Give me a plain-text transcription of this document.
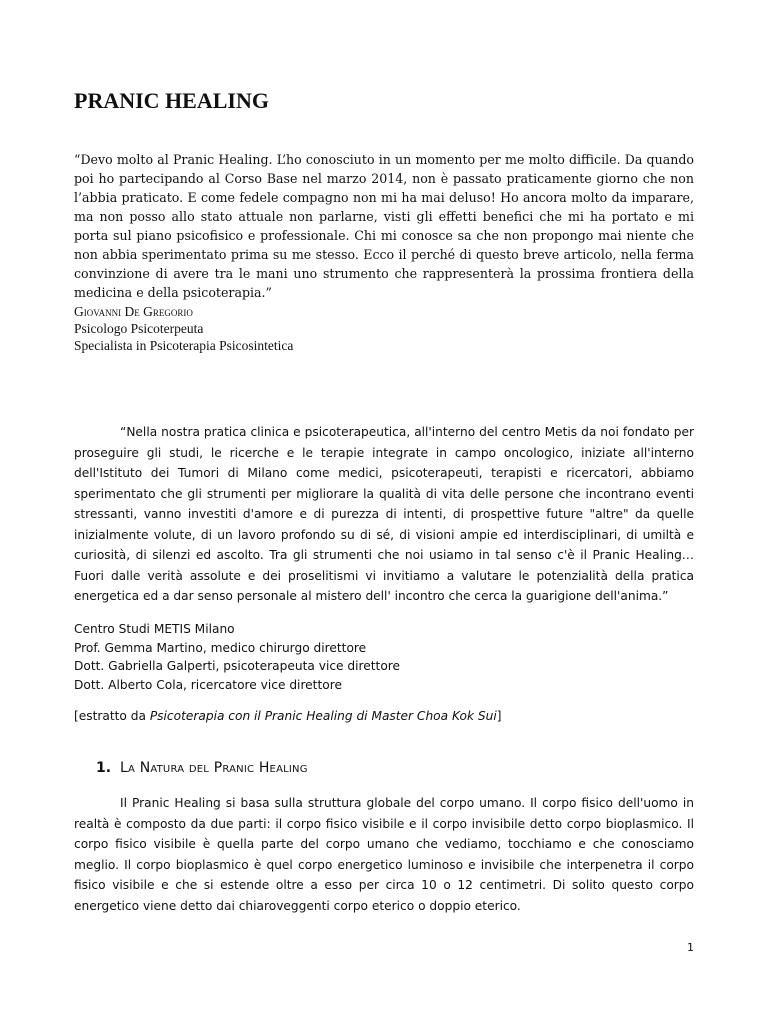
PRANIC HEALING

“Devo molto al Pranic Healing. L’ho conosciuto in un momento per me molto difficile. Da quando poi ho partecipando al Corso Base nel marzo 2014, non è passato praticamente giorno che non l’abbia praticato. E come fedele compagno non mi ha mai deluso! Ho ancora molto da imparare, ma non posso allo stato attuale non parlarne, visti gli effetti benefici che mi ha portato e mi porta sul piano psicofisico e professionale. Chi mi conosce sa che non propongo mai niente che non abbia sperimentato prima su me stesso. Ecco il perché di questo breve articolo, nella ferma convinzione di avere tra le mani uno strumento che rappresenterà la prossima frontiera della medicina e della psicoterapia.”

Giovanni De Gregorio
Psicologo Psicoterpeuta
Specialista in Psicoterapia Psicosintetica

“Nella nostra pratica clinica e psicoterapeutica, all'interno del centro Metis da noi fondato per proseguire gli studi, le ricerche e le terapie integrate in campo oncologico, iniziate all'interno dell'Istituto dei Tumori di Milano come medici, psicoterapeuti, terapisti e ricercatori, abbiamo sperimentato che gli strumenti per migliorare la qualità di vita delle persone che incontrano eventi stressanti, vanno investiti d'amore e di purezza di intenti, di prospettive future "altre" da quelle inizialmente volute, di un lavoro profondo su di sé, di visioni ampie ed interdisciplinari, di umiltà e curiosità, di silenzi ed ascolto. Tra gli strumenti che noi usiamo in tal senso c'è il Pranic Healing… Fuori dalle verità assolute e dei proselitismi vi invitiamo a valutare le potenzialità della pratica energetica ed a dar senso personale al mistero dell' incontro che cerca la guarigione dell'anima.”

Centro Studi METIS Milano
Prof. Gemma Martino, medico chirurgo direttore
Dott. Gabriella Galperti, psicoterapeuta vice direttore
Dott. Alberto Cola, ricercatore vice direttore
[estratto da Psicoterapia con il Pranic Healing di Master Choa Kok Sui]
1. La Natura del Pranic Healing

Il Pranic Healing si basa sulla struttura globale del corpo umano. Il corpo fisico dell'uomo in realtà è composto da due parti: il corpo fisico visibile e il corpo invisibile detto corpo bioplasmico. Il corpo fisico visibile è quella parte del corpo umano che vediamo, tocchiamo e che conosciamo meglio. Il corpo bioplasmico è quel corpo energetico luminoso e invisibile che interpenetra il corpo fisico visibile e che si estende oltre a esso per circa 10 o 12 centimetri. Di solito questo corpo energetico viene detto dai chiaroveggenti corpo eterico o doppio eterico.

1
